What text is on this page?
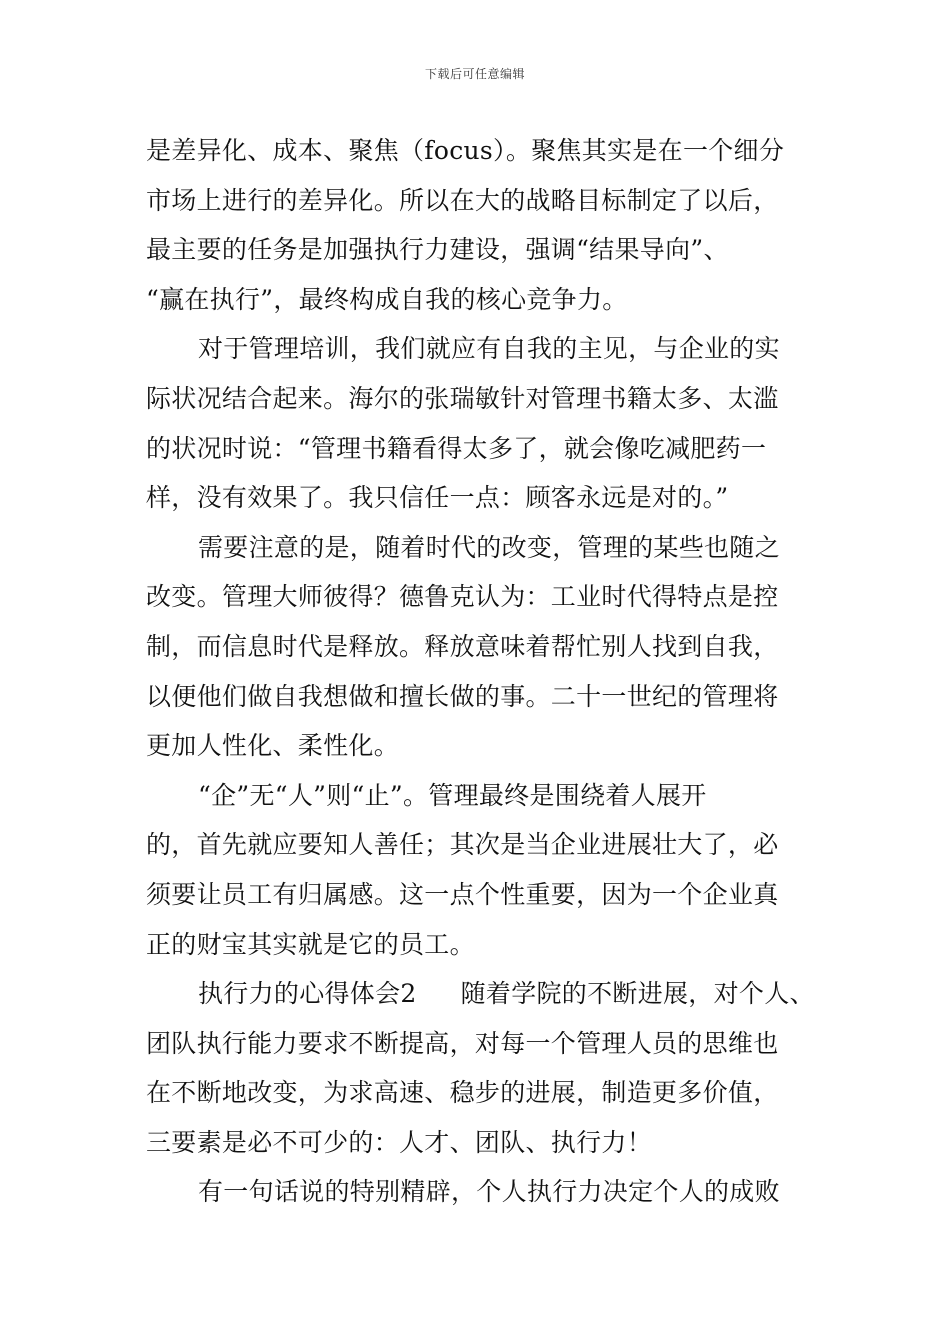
下载后可任意编辑
是差异化、成本、聚焦（focus）。聚焦其实是在一个细分
市场上进行的差异化。所以在大的战略目标制定了以后，
最主要的任务是加强执行力建设，强调“结果导向”、
“赢在执行”，最终构成自我的核心竞争力。
对于管理培训，我们就应有自我的主见，与企业的实
际状况结合起来。海尔的张瑞敏针对管理书籍太多、太滥
的状况时说：“管理书籍看得太多了，就会像吃减肥药一
样，没有效果了。我只信任一点：顾客永远是对的。”
需要注意的是，随着时代的改变，管理的某些也随之
改变。管理大师彼得？德鲁克认为：工业时代得特点是控
制，而信息时代是释放。释放意味着帮忙别人找到自我，
以便他们做自我想做和擅长做的事。二十一世纪的管理将
更加人性化、柔性化。
“企”无“人”则“止”。管理最终是围绕着人展开
的，首先就应要知人善任；其次是当企业进展壮大了，必
须要让员工有归属感。这一点个性重要，因为一个企业真
正的财宝其实就是它的员工。
执行力的心得体会2 随着学院的不断进展，对个人、
团队执行能力要求不断提高，对每一个管理人员的思维也
在不断地改变，为求高速、稳步的进展，制造更多价值，
三要素是必不可少的：人才、团队、执行力！
有一句话说的特别精辟，个人执行力决定个人的成败
